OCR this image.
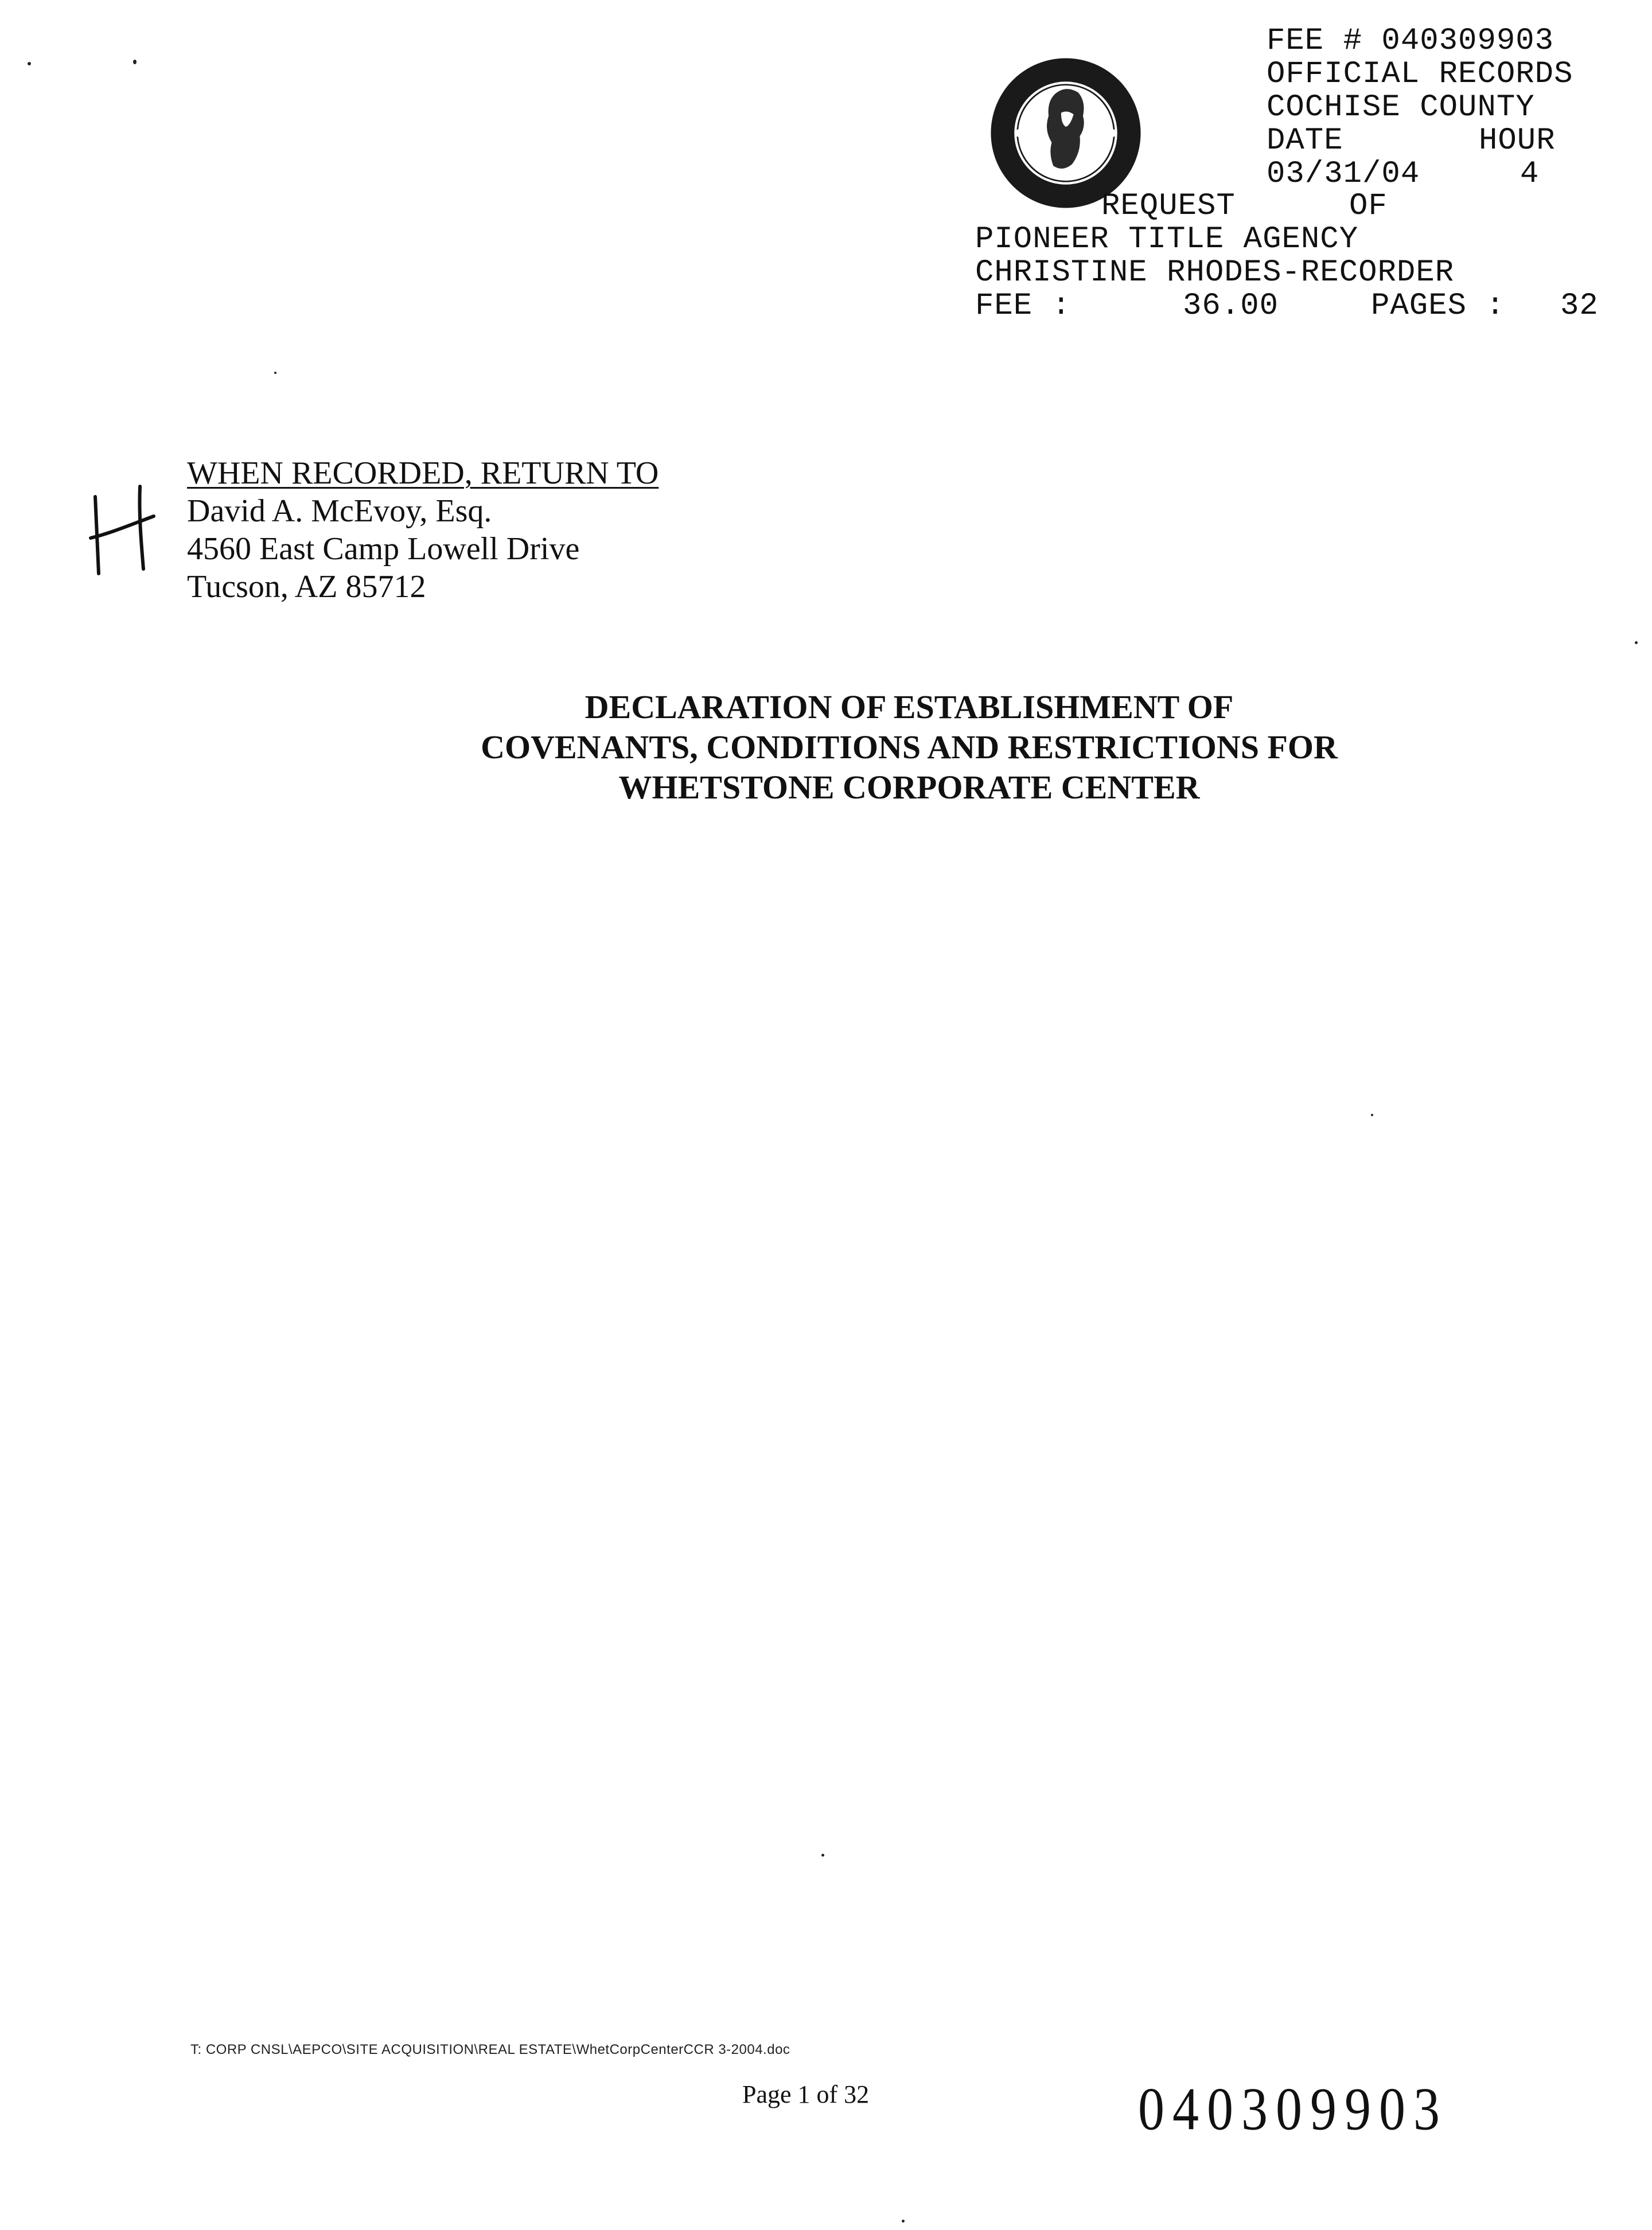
FEE # 040309903
OFFICIAL RECORDS
COCHISE COUNTY
DATE	HOUR
03/31/04	4
REQUEST	OF
PIONEER TITLE AGENCY
CHRISTINE RHODES-RECORDER
FEE :	36.00	PAGES : 32
WHEN RECORDED, RETURN TO
David A. McEvoy, Esq.
4560 East Camp Lowell Drive
Tucson, AZ 85712
DECLARATION OF ESTABLISHMENT OF
COVENANTS, CONDITIONS AND RESTRICTIONS FOR
WHETSTONE CORPORATE CENTER
T: CORP CNSL\AEPCO\SITE ACQUISITION\REAL ESTATE\WhetCorpCenterCCR 3-2004.doc
Page 1 of 32	040309903
